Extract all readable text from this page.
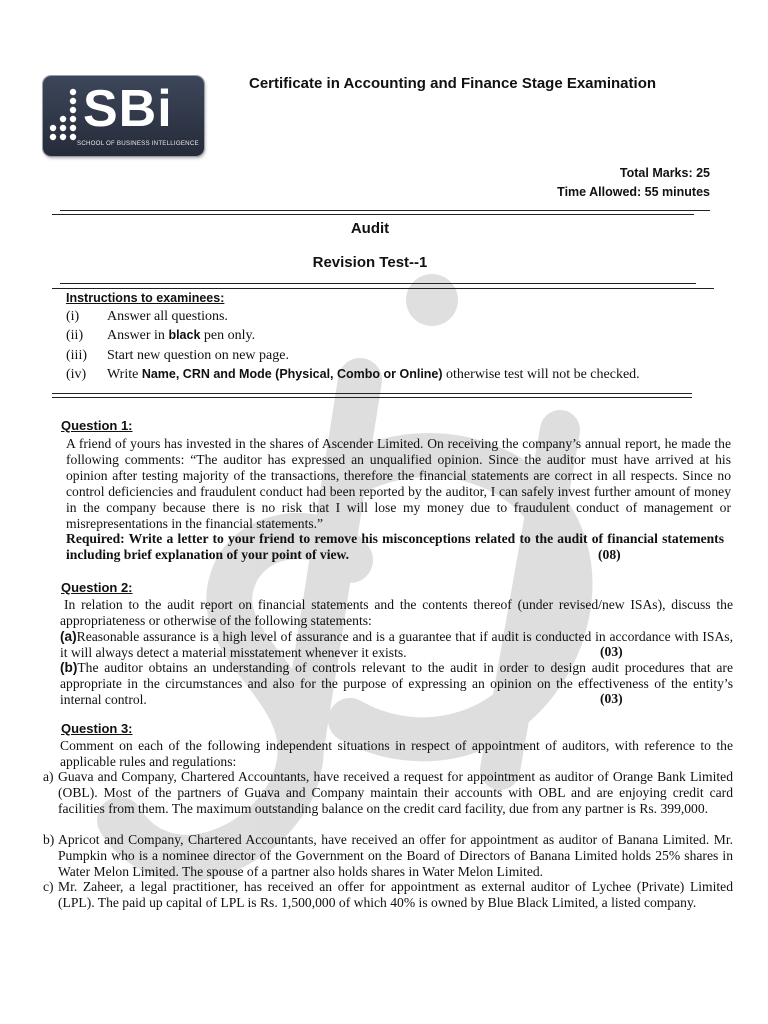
SBi
SCHOOL OF BUSINESS INTELLIGENCE
Certificate in Accounting and Finance Stage Examination
Total Marks: 25
Time Allowed: 55 minutes
Audit
Revision Test--1
Instructions to examinees:
(i) Answer all questions.
(ii) Answer in black pen only.
(iii) Start new question on new page.
(iv) Write Name, CRN and Mode (Physical, Combo or Online) otherwise test will not be checked.
Question 1:
A friend of yours has invested in the shares of Ascender Limited. On receiving the company’s annual report, he made the following comments: “The auditor has expressed an unqualified opinion. Since the auditor must have arrived at his opinion after testing majority of the transactions, therefore the financial statements are correct in all respects. Since no control deficiencies and fraudulent conduct had been reported by the auditor, I can safely invest further amount of money in the company because there is no risk that I will lose my money due to fraudulent conduct of management or misrepresentations in the financial statements.”
Required: Write a letter to your friend to remove his misconceptions related to the audit of financial statements including brief explanation of your point of view.	(08)
Question 2:
In relation to the audit report on financial statements and the contents thereof (under revised/new ISAs), discuss the appropriateness or otherwise of the following statements:
(a)Reasonable assurance is a high level of assurance and is a guarantee that if audit is conducted in accordance with ISAs, it will always detect a material misstatement whenever it exists.	(03)
(b)The auditor obtains an understanding of controls relevant to the audit in order to design audit procedures that are appropriate in the circumstances and also for the purpose of expressing an opinion on the effectiveness of the entity’s internal control.	(03)
Question 3:
Comment on each of the following independent situations in respect of appointment of auditors, with reference to the applicable rules and regulations:
a) Guava and Company, Chartered Accountants, have received a request for appointment as auditor of Orange Bank Limited (OBL). Most of the partners of Guava and Company maintain their accounts with OBL and are enjoying credit card facilities from them. The maximum outstanding balance on the credit card facility, due from any partner is Rs. 399,000.
b) Apricot and Company, Chartered Accountants, have received an offer for appointment as auditor of Banana Limited. Mr. Pumpkin who is a nominee director of the Government on the Board of Directors of Banana Limited holds 25% shares in Water Melon Limited. The spouse of a partner also holds shares in Water Melon Limited.
c) Mr. Zaheer, a legal practitioner, has received an offer for appointment as external auditor of Lychee (Private) Limited (LPL). The paid up capital of LPL is Rs. 1,500,000 of which 40% is owned by Blue Black Limited, a listed company.
